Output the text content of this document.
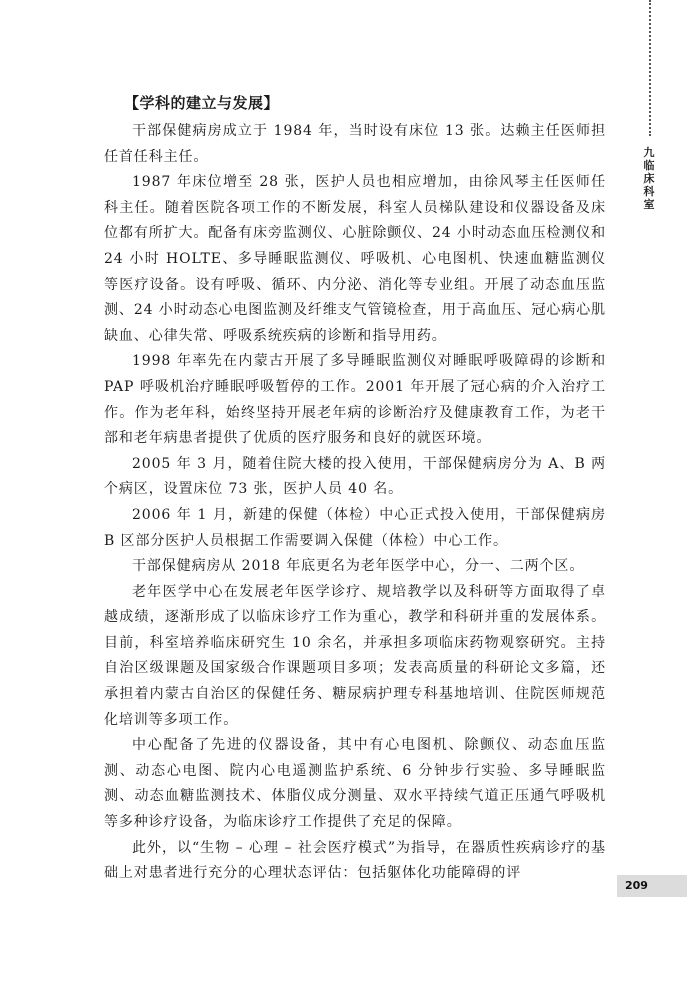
九
临
床
科
室
【学科的建立与发展】

干部保健病房成立于 1984 年，当时设有床位 13 张。达赖主任医师担任首任科主任。

1987 年床位增至 28 张，医护人员也相应增加，由徐风琴主任医师任科主任。随着医院各项工作的不断发展，科室人员梯队建设和仪器设备及床位都有所扩大。配备有床旁监测仪、心脏除颤仪、24 小时动态血压检测仪和 24 小时 HOLTE、多导睡眠监测仪、呼吸机、心电图机、快速血糖监测仪等医疗设备。设有呼吸、循环、内分泌、消化等专业组。开展了动态血压监测、24 小时动态心电图监测及纤维支气管镜检查，用于高血压、冠心病心肌缺血、心律失常、呼吸系统疾病的诊断和指导用药。

1998 年率先在内蒙古开展了多导睡眠监测仪对睡眠呼吸障碍的诊断和 PAP 呼吸机治疗睡眠呼吸暂停的工作。2001 年开展了冠心病的介入治疗工作。作为老年科，始终坚持开展老年病的诊断治疗及健康教育工作，为老干部和老年病患者提供了优质的医疗服务和良好的就医环境。

2005 年 3 月，随着住院大楼的投入使用，干部保健病房分为 A、B 两个病区，设置床位 73 张，医护人员 40 名。

2006 年 1 月，新建的保健（体检）中心正式投入使用，干部保健病房 B 区部分医护人员根据工作需要调入保健（体检）中心工作。

干部保健病房从 2018 年底更名为老年医学中心，分一、二两个区。

老年医学中心在发展老年医学诊疗、规培教学以及科研等方面取得了卓越成绩，逐渐形成了以临床诊疗工作为重心，教学和科研并重的发展体系。目前，科室培养临床研究生 10 余名，并承担多项临床药物观察研究。主持自治区级课题及国家级合作课题项目多项；发表高质量的科研论文多篇，还承担着内蒙古自治区的保健任务、糖尿病护理专科基地培训、住院医师规范化培训等多项工作。

中心配备了先进的仪器设备，其中有心电图机、除颤仪、动态血压监测、动态心电图、院内心电遥测监护系统、6 分钟步行实验、多导睡眠监测、动态血糖监测技术、体脂仪成分测量、双水平持续气道正压通气呼吸机等多种诊疗设备，为临床诊疗工作提供了充足的保障。

此外，以“生物 – 心理 – 社会医疗模式”为指导，在器质性疾病诊疗的基础上对患者进行充分的心理状态评估：包括躯体化功能障碍的评

209
